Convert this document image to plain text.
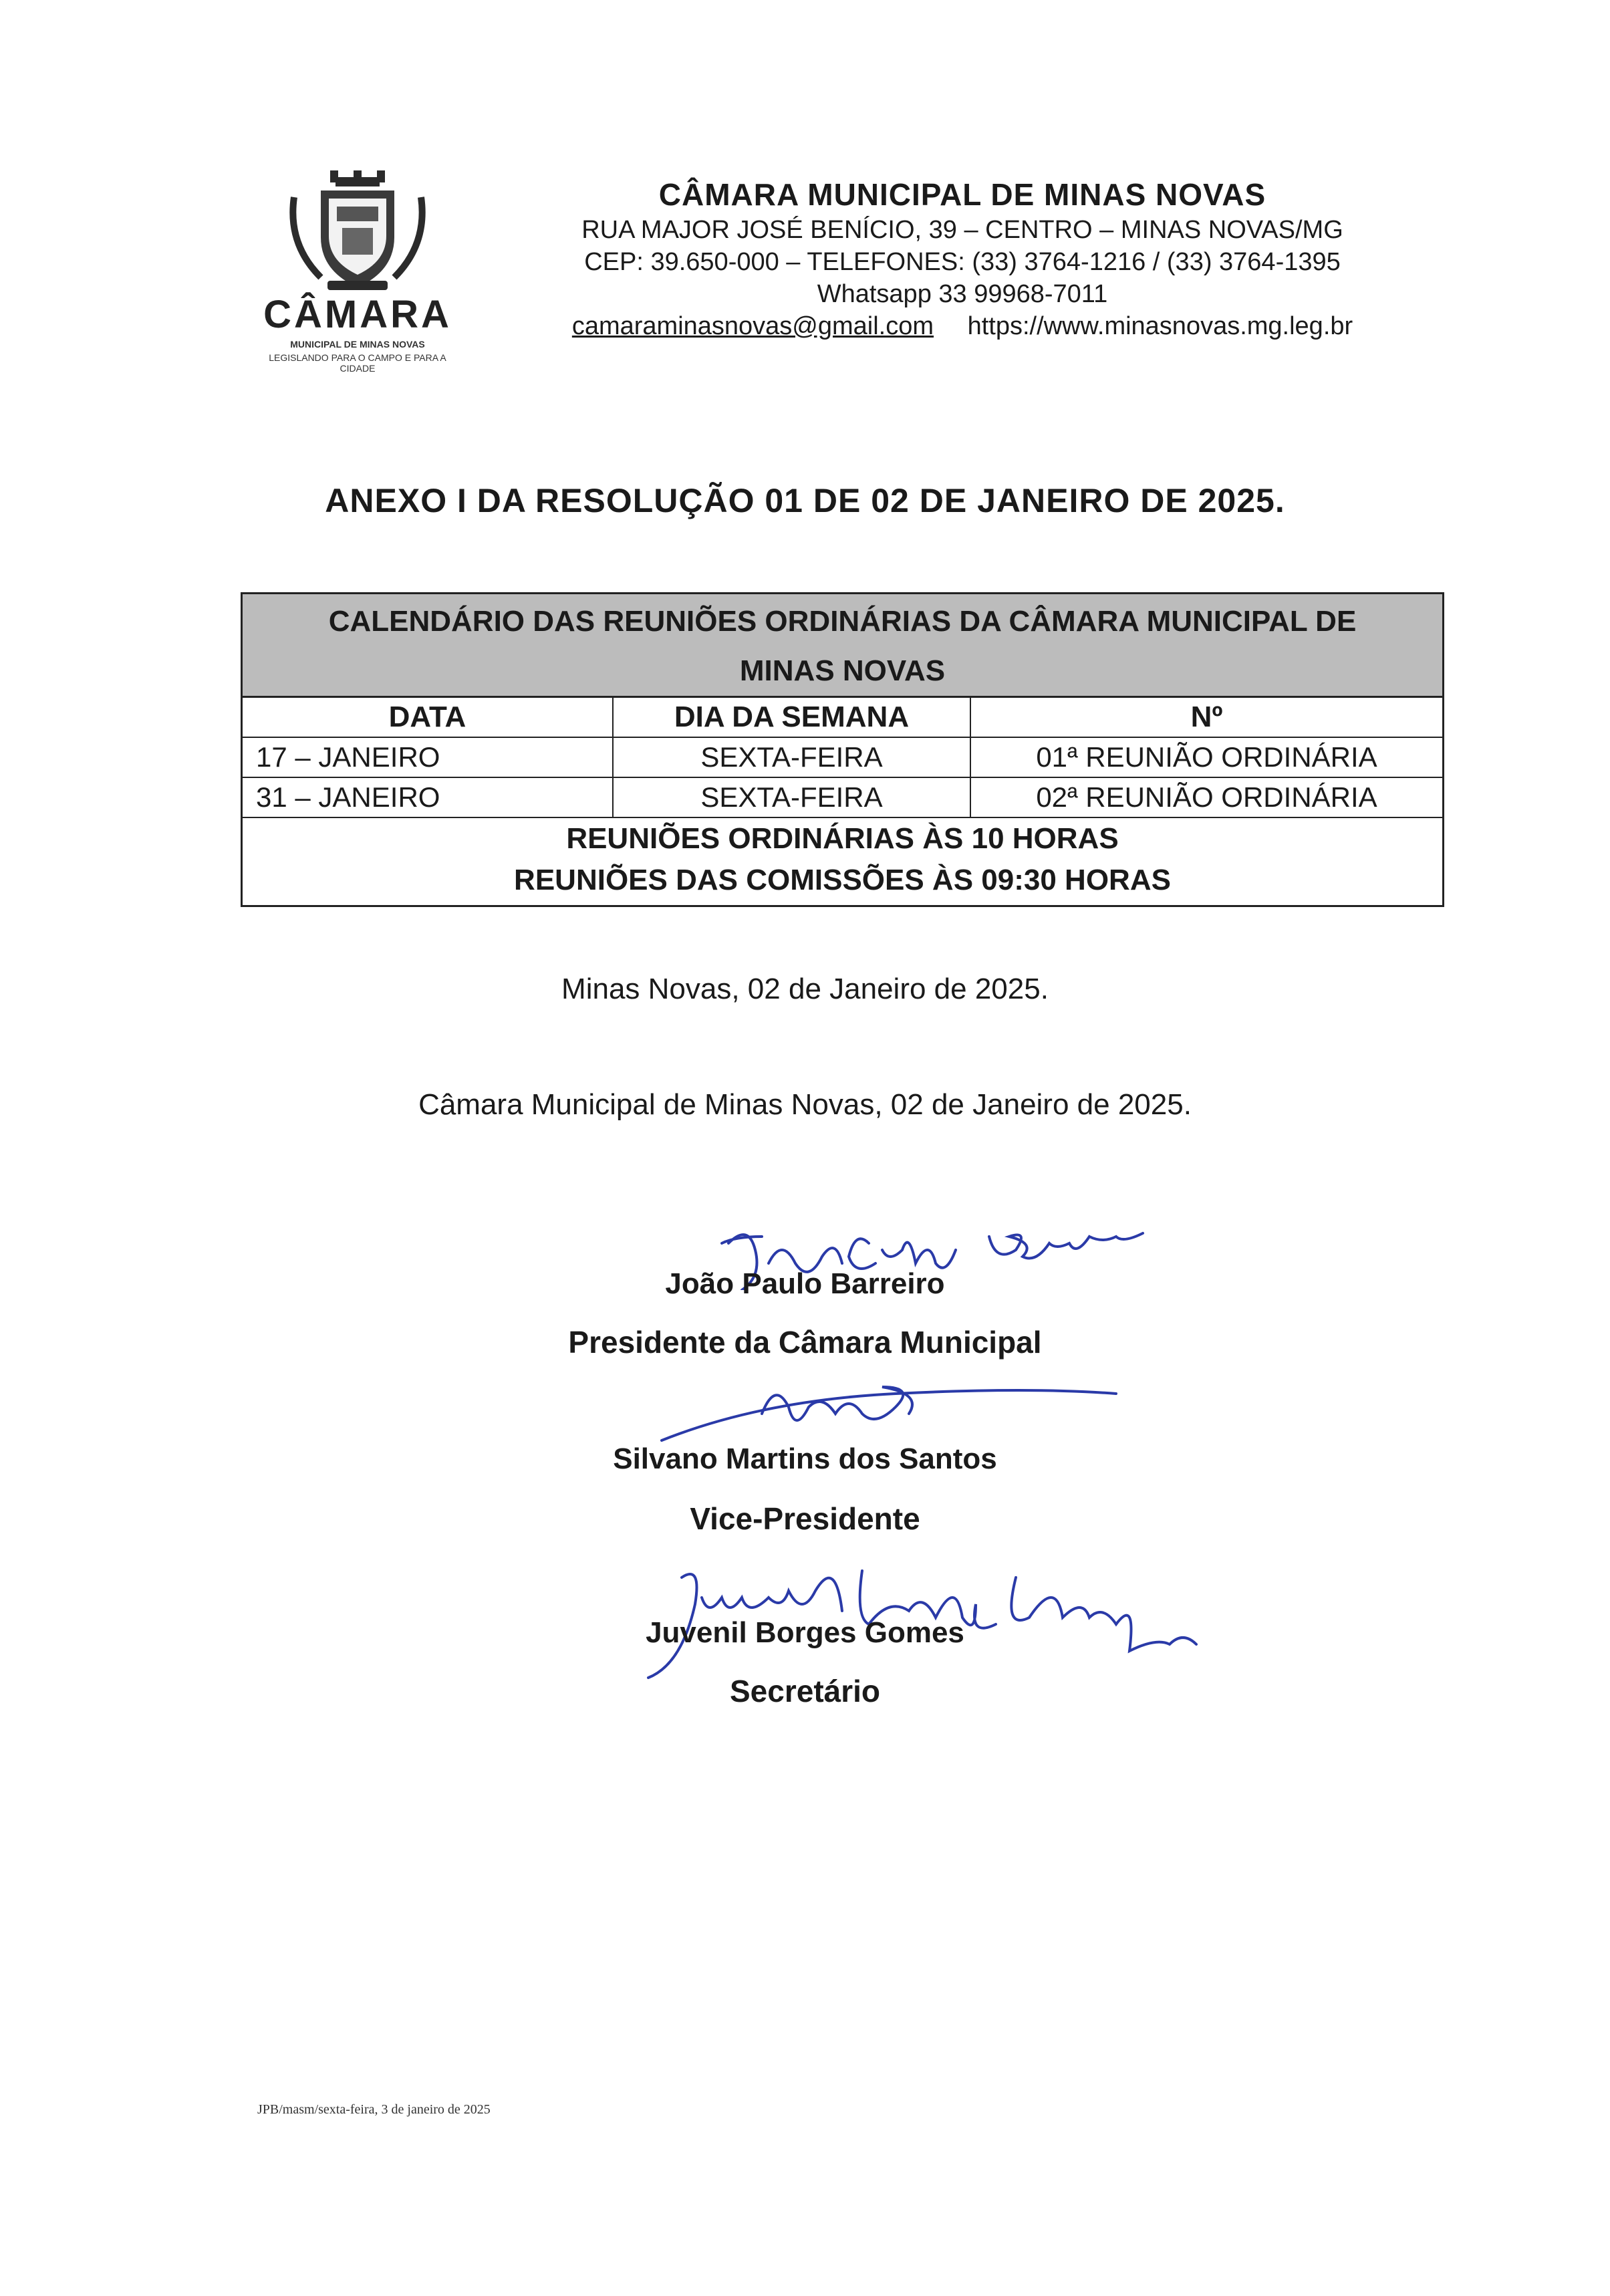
CÂMARA
MUNICIPAL DE MINAS NOVAS
LEGISLANDO PARA O CAMPO E PARA A CIDADE
CÂMARA MUNICIPAL DE MINAS NOVAS
RUA MAJOR JOSÉ BENÍCIO, 39 – CENTRO – MINAS NOVAS/MG
CEP: 39.650-000 – TELEFONES: (33) 3764-1216 / (33) 3764-1395
Whatsapp 33 99968-7011
camaraminasnovas@gmail.com https://www.minasnovas.mg.leg.br
ANEXO I DA RESOLUÇÃO 01 DE 02 DE JANEIRO DE 2025.
CALENDÁRIO DAS REUNIÕES ORDINÁRIAS DA CÂMARA MUNICIPAL DE
MINAS NOVAS
DATA	DIA DA SEMANA	Nº
17 – JANEIRO	SEXTA-FEIRA	01ª REUNIÃO ORDINÁRIA
31 – JANEIRO	SEXTA-FEIRA	02ª REUNIÃO ORDINÁRIA
REUNIÕES ORDINÁRIAS ÀS 10 HORAS
REUNIÕES DAS COMISSÕES ÀS 09:30 HORAS
Minas Novas, 02 de Janeiro de 2025.
Câmara Municipal de Minas Novas, 02 de Janeiro de 2025.
João Paulo Barreiro
Presidente da Câmara Municipal
Silvano Martins dos Santos
Vice-Presidente
Juvenil Borges Gomes
Secretário
JPB/masm/sexta-feira, 3 de janeiro de 2025
